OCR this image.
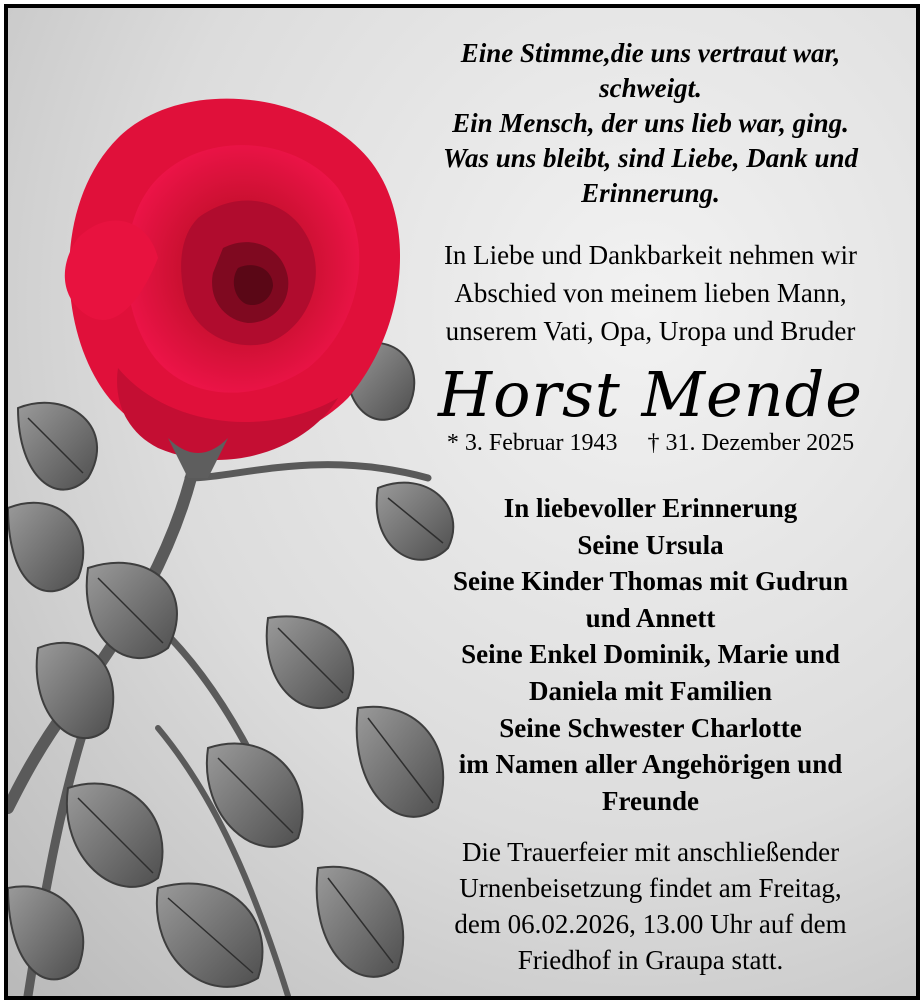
Eine Stimme,die uns vertraut war,
schweigt.
Ein Mensch, der uns lieb war, ging.
Was uns bleibt, sind Liebe, Dank und
Erinnerung.
In Liebe und Dankbarkeit nehmen wir
Abschied von meinem lieben Mann,
unserem Vati, Opa, Uropa und Bruder
Horst Mende
* 3. Februar 1943 † 31. Dezember 2025
In liebevoller Erinnerung
Seine Ursula
Seine Kinder Thomas mit Gudrun
und Annett
Seine Enkel Dominik, Marie und
Daniela mit Familien
Seine Schwester Charlotte
im Namen aller Angehörigen und
Freunde
Die Trauerfeier mit anschließender
Urnenbeisetzung findet am Freitag,
dem 06.02.2026, 13.00 Uhr auf dem
Friedhof in Graupa statt.
